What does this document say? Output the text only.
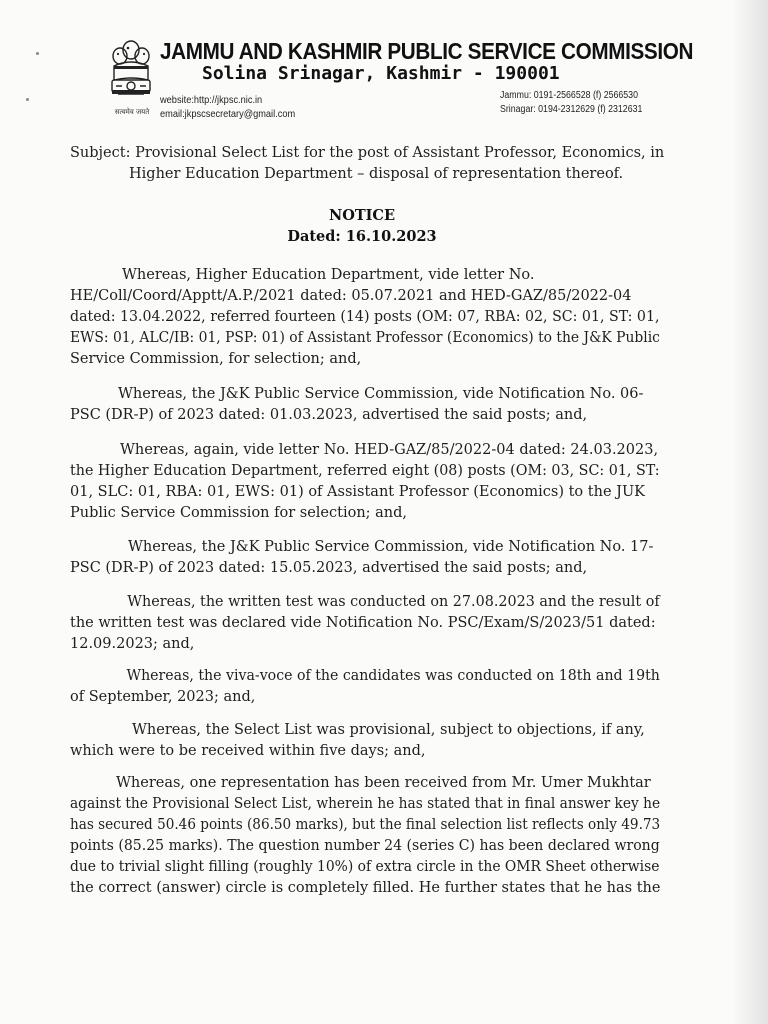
सत्यमेव जयते
JAMMU AND KASHMIR PUBLIC SERVICE COMMISSION
Solina Srinagar, Kashmir - 190001
website:http://jkpsc.nic.in
email:jkpscsecretary@gmail.com
Jammu: 0191-2566528 (f) 2566530
Srinagar: 0194-2312629 (f) 2312631
Subject: Provisional Select List for the post of Assistant Professor, Economics, in
Higher Education Department – disposal of representation thereof.
NOTICE
Dated: 16.10.2023
Whereas, Higher Education Department, vide letter No.
HE/Coll/Coord/Apptt/A.P./2021 dated: 05.07.2021 and HED-GAZ/85/2022-04
dated: 13.04.2022, referred fourteen (14) posts (OM: 07, RBA: 02, SC: 01, ST: 01,
EWS: 01, ALC/IB: 01, PSP: 01) of Assistant Professor (Economics) to the J&K Public
Service Commission, for selection; and,
Whereas, the J&K Public Service Commission, vide Notification No. 06-
PSC (DR-P) of 2023 dated: 01.03.2023, advertised the said posts; and,
Whereas, again, vide letter No. HED-GAZ/85/2022-04 dated: 24.03.2023,
the Higher Education Department, referred eight (08) posts (OM: 03, SC: 01, ST:
01, SLC: 01, RBA: 01, EWS: 01) of Assistant Professor (Economics) to the JUK
Public Service Commission for selection; and,
Whereas, the J&K Public Service Commission, vide Notification No. 17-
PSC (DR-P) of 2023 dated: 15.05.2023, advertised the said posts; and,
Whereas, the written test was conducted on 27.08.2023 and the result of
the written test was declared vide Notification No. PSC/Exam/S/2023/51 dated:
12.09.2023; and,
Whereas, the viva-voce of the candidates was conducted on 18th and 19th
of September, 2023; and,
Whereas, the Select List was provisional, subject to objections, if any,
which were to be received within five days; and,
Whereas, one representation has been received from Mr. Umer Mukhtar
against the Provisional Select List, wherein he has stated that in final answer key he
has secured 50.46 points (86.50 marks), but the final selection list reflects only 49.73
points (85.25 marks). The question number 24 (series C) has been declared wrong
due to trivial slight filling (roughly 10%) of extra circle in the OMR Sheet otherwise
the correct (answer) circle is completely filled. He further states that he has the
